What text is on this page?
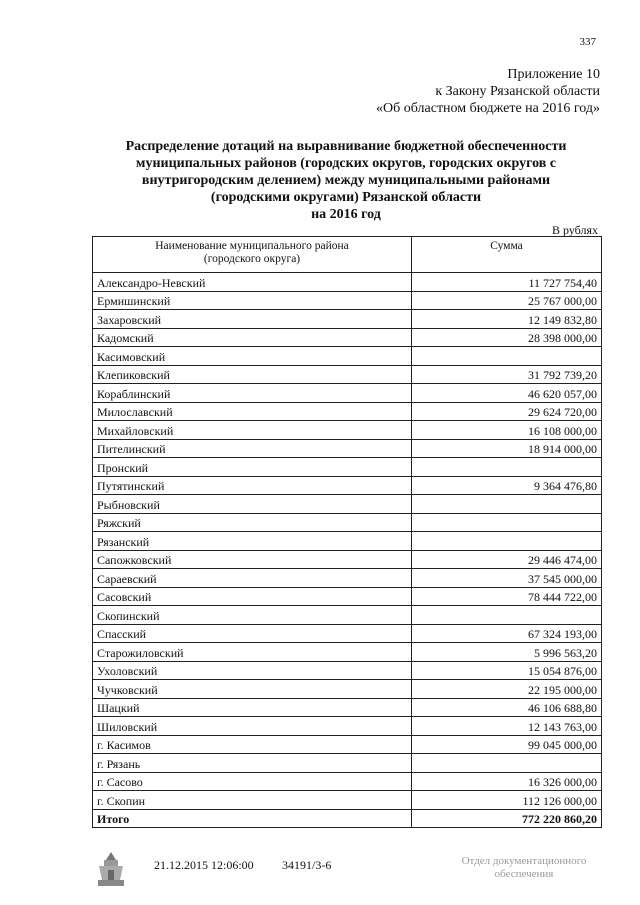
337
Приложение 10
к Закону Рязанской области
«Об областном бюджете на 2016 год»
Распределение дотаций на выравнивание бюджетной обеспеченности
муниципальных районов (городских округов, городских округов с
внутригородским делением) между муниципальными районами
(городскими округами) Рязанской области
на 2016 год
В рублях
Наименование муниципального района
(городского округа)	Сумма
Александро-Невский	11 727 754,40
Ермишинский	25 767 000,00
Захаровский	12 149 832,80
Кадомский	28 398 000,00
Касимовский	
Клепиковский	31 792 739,20
Кораблинский	46 620 057,00
Милославский	29 624 720,00
Михайловский	16 108 000,00
Пителинский	18 914 000,00
Пронский	
Путятинский	9 364 476,80
Рыбновский	
Ряжский	
Рязанский	
Сапожковский	29 446 474,00
Сараевский	37 545 000,00
Сасовский	78 444 722,00
Скопинский	
Спасский	67 324 193,00
Старожиловский	5 996 563,20
Ухоловский	15 054 876,00
Чучковский	22 195 000,00
Шацкий	46 106 688,80
Шиловский	12 143 763,00
г. Касимов	99 045 000,00
г. Рязань	
г. Сасово	16 326 000,00
г. Скопин	112 126 000,00
Итого	772 220 860,20
21.12.2015 12:06:00 34191/3-6	Отдел документационного
обеспечения
